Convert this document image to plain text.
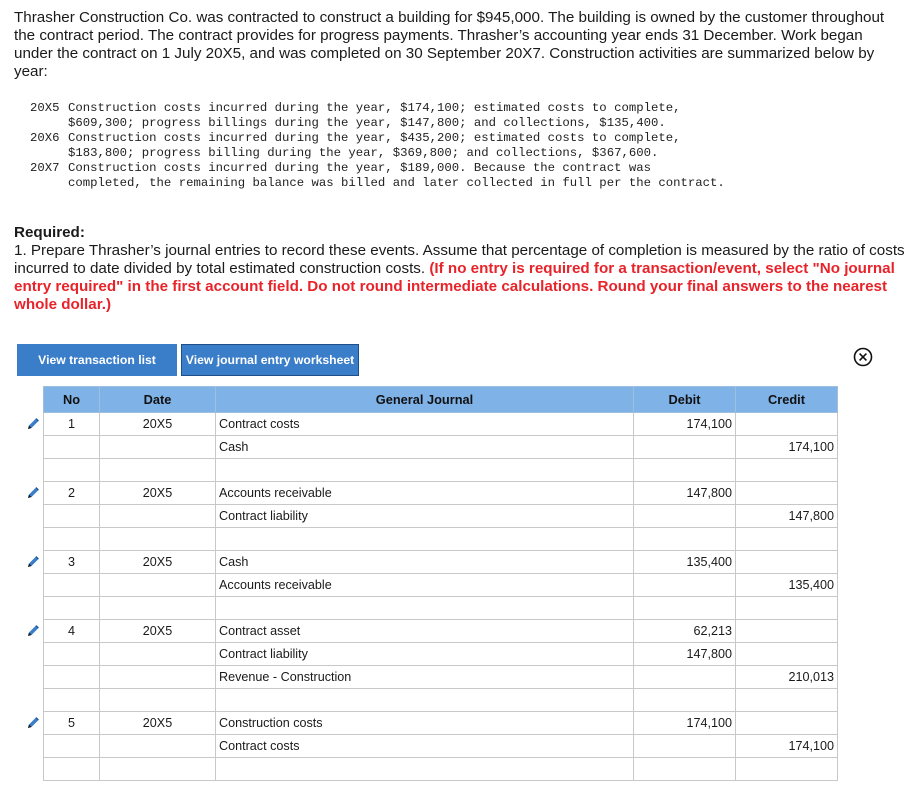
Thrasher Construction Co. was contracted to construct a building for $945,000. The building is owned by the customer throughout the contract period. The contract provides for progress payments. Thrasher’s accounting year ends 31 December. Work began under the contract on 1 July 20X5, and was completed on 30 September 20X7. Construction activities are summarized below by year:

20X5 Construction costs incurred during the year, $174,100; estimated costs to complete, $609,300; progress billings during the year, $147,800; and collections, $135,400.
20X6 Construction costs incurred during the year, $435,200; estimated costs to complete, $183,800; progress billing during the year, $369,800; and collections, $367,600.
20X7 Construction costs incurred during the year, $189,000. Because the contract was completed, the remaining balance was billed and later collected in full per the contract.
Required:
1. Prepare Thrasher’s journal entries to record these events. Assume that percentage of completion is measured by the ratio of costs incurred to date divided by total estimated construction costs. (If no entry is required for a transaction/event, select "No journal entry required" in the first account field. Do not round intermediate calculations. Round your final answers to the nearest whole dollar.)
View transaction list	View journal entry worksheet
No	Date	General Journal	Debit	Credit
1	20X5	Contract costs	174,100	
		Cash		174,100

2	20X5	Accounts receivable	147,800	
		Contract liability		147,800

3	20X5	Cash	135,400	
		Accounts receivable		135,400

4	20X5	Contract asset	62,213	
		Contract liability	147,800	
		Revenue - Construction		210,013

5	20X5	Construction costs	174,100	
		Contract costs		174,100
